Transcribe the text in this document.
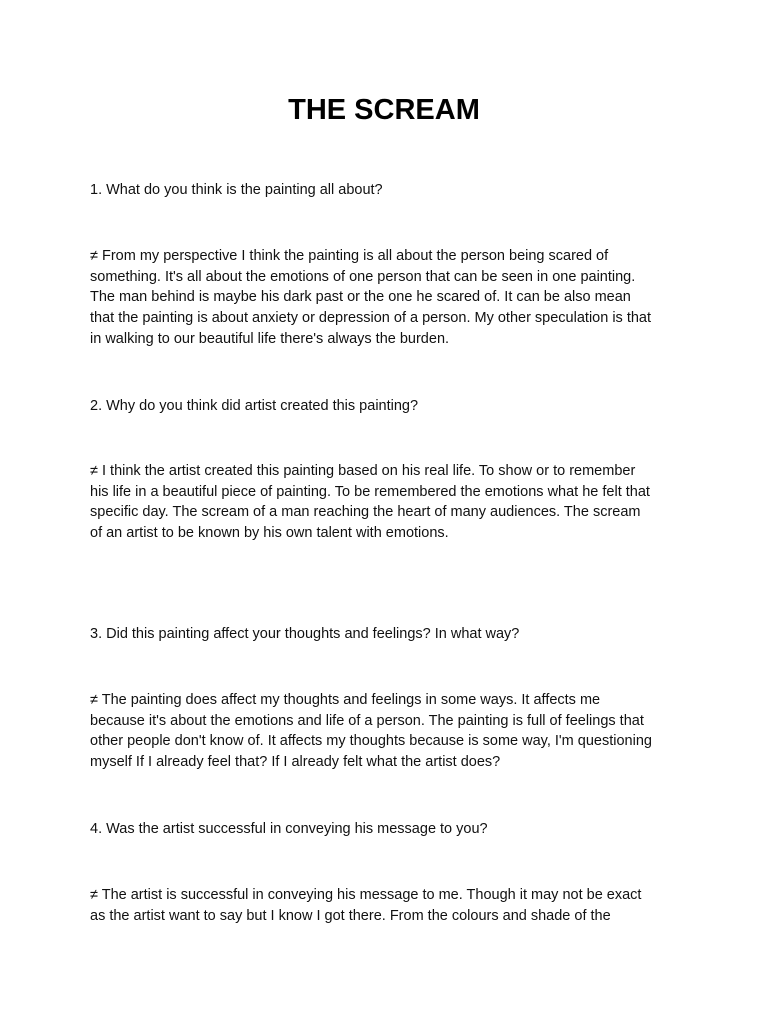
THE SCREAM

1. What do you think is the painting all about?

≠ From my perspective I think the painting is all about the person being scared of
something. It's all about the emotions of one person that can be seen in one painting.
The man behind is maybe his dark past or the one he scared of. It can be also mean
that the painting is about anxiety or depression of a person. My other speculation is that
in walking to our beautiful life there's always the burden.

2. Why do you think did artist created this painting?

≠ I think the artist created this painting based on his real life. To show or to remember
his life in a beautiful piece of painting. To be remembered the emotions what he felt that
specific day. The scream of a man reaching the heart of many audiences. The scream
of an artist to be known by his own talent with emotions.

3. Did this painting affect your thoughts and feelings? In what way?

≠ The painting does affect my thoughts and feelings in some ways. It affects me
because it's about the emotions and life of a person. The painting is full of feelings that
other people don't know of. It affects my thoughts because is some way, I'm questioning
myself If I already feel that? If I already felt what the artist does?

4. Was the artist successful in conveying his message to you?

≠ The artist is successful in conveying his message to me. Though it may not be exact
as the artist want to say but I know I got there. From the colours and shade of the
